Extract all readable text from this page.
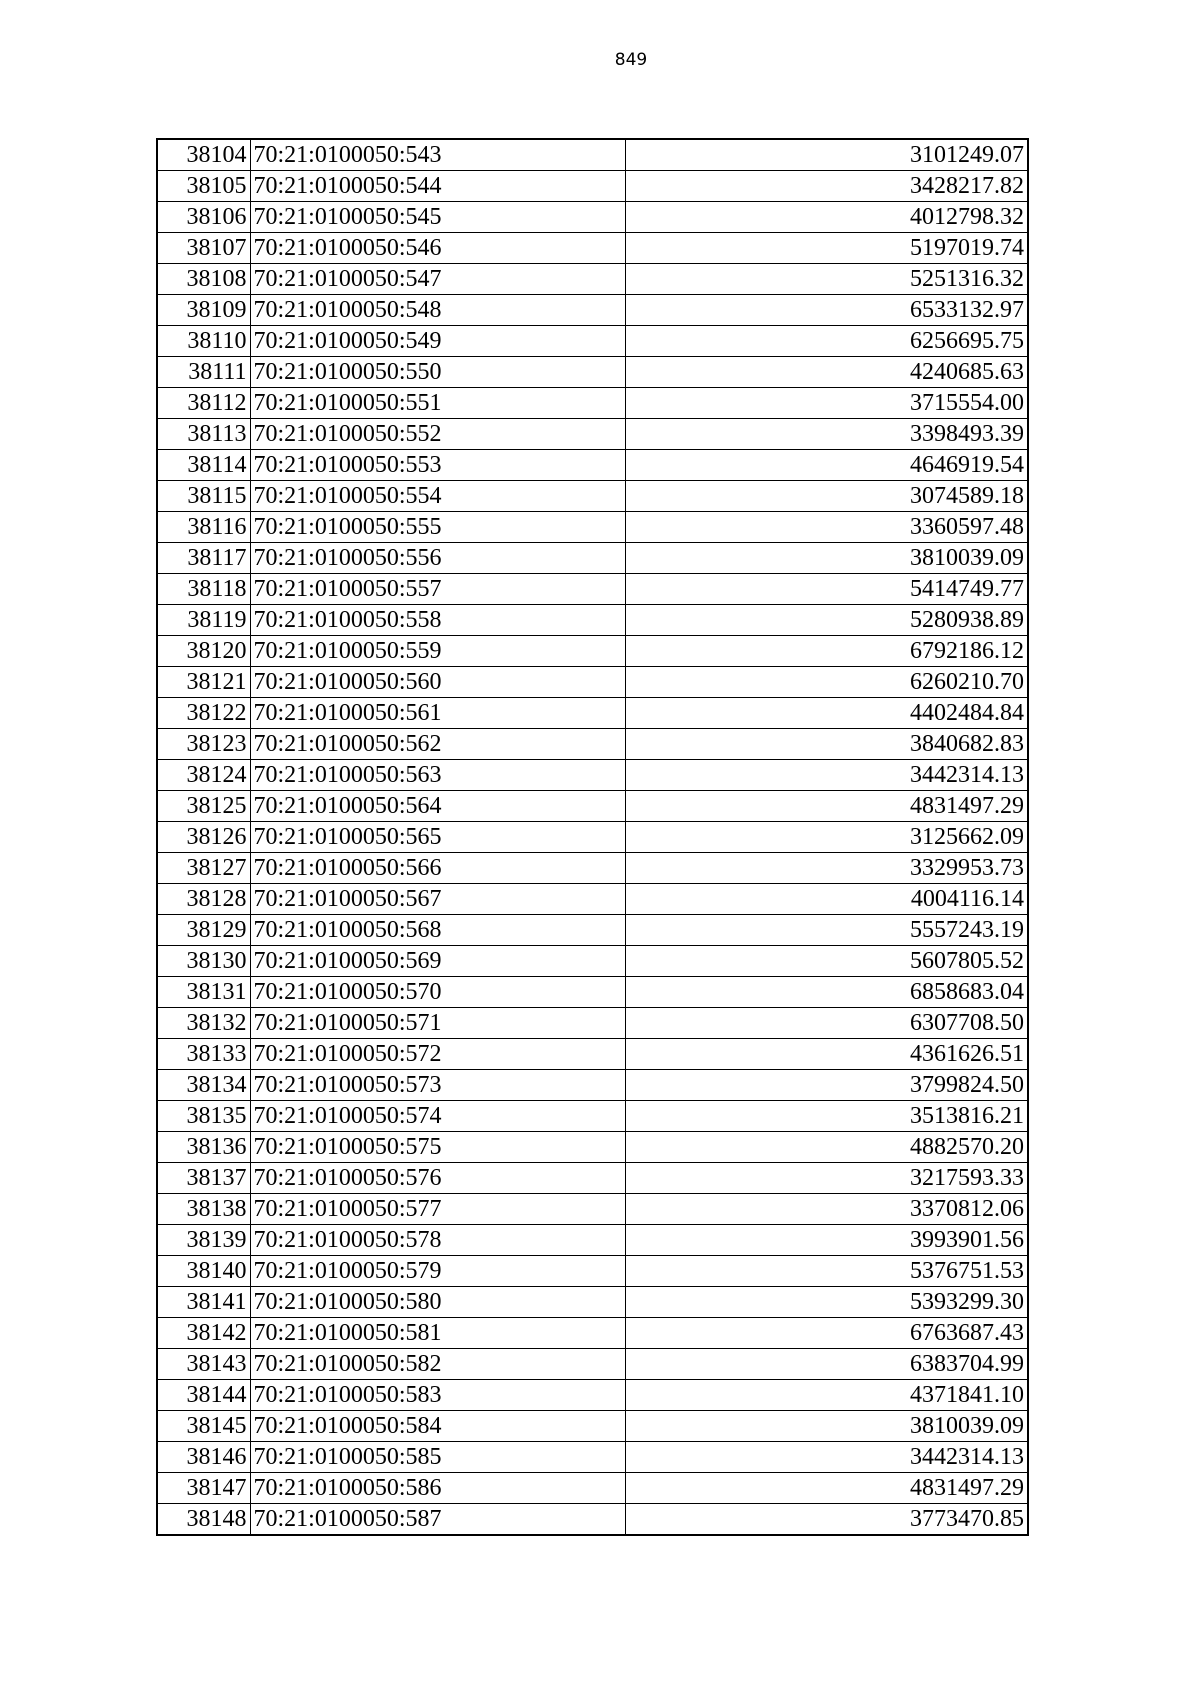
849
38104	70:21:0100050:543	3101249.07
38105	70:21:0100050:544	3428217.82
38106	70:21:0100050:545	4012798.32
38107	70:21:0100050:546	5197019.74
38108	70:21:0100050:547	5251316.32
38109	70:21:0100050:548	6533132.97
38110	70:21:0100050:549	6256695.75
38111	70:21:0100050:550	4240685.63
38112	70:21:0100050:551	3715554.00
38113	70:21:0100050:552	3398493.39
38114	70:21:0100050:553	4646919.54
38115	70:21:0100050:554	3074589.18
38116	70:21:0100050:555	3360597.48
38117	70:21:0100050:556	3810039.09
38118	70:21:0100050:557	5414749.77
38119	70:21:0100050:558	5280938.89
38120	70:21:0100050:559	6792186.12
38121	70:21:0100050:560	6260210.70
38122	70:21:0100050:561	4402484.84
38123	70:21:0100050:562	3840682.83
38124	70:21:0100050:563	3442314.13
38125	70:21:0100050:564	4831497.29
38126	70:21:0100050:565	3125662.09
38127	70:21:0100050:566	3329953.73
38128	70:21:0100050:567	4004116.14
38129	70:21:0100050:568	5557243.19
38130	70:21:0100050:569	5607805.52
38131	70:21:0100050:570	6858683.04
38132	70:21:0100050:571	6307708.50
38133	70:21:0100050:572	4361626.51
38134	70:21:0100050:573	3799824.50
38135	70:21:0100050:574	3513816.21
38136	70:21:0100050:575	4882570.20
38137	70:21:0100050:576	3217593.33
38138	70:21:0100050:577	3370812.06
38139	70:21:0100050:578	3993901.56
38140	70:21:0100050:579	5376751.53
38141	70:21:0100050:580	5393299.30
38142	70:21:0100050:581	6763687.43
38143	70:21:0100050:582	6383704.99
38144	70:21:0100050:583	4371841.10
38145	70:21:0100050:584	3810039.09
38146	70:21:0100050:585	3442314.13
38147	70:21:0100050:586	4831497.29
38148	70:21:0100050:587	3773470.85
